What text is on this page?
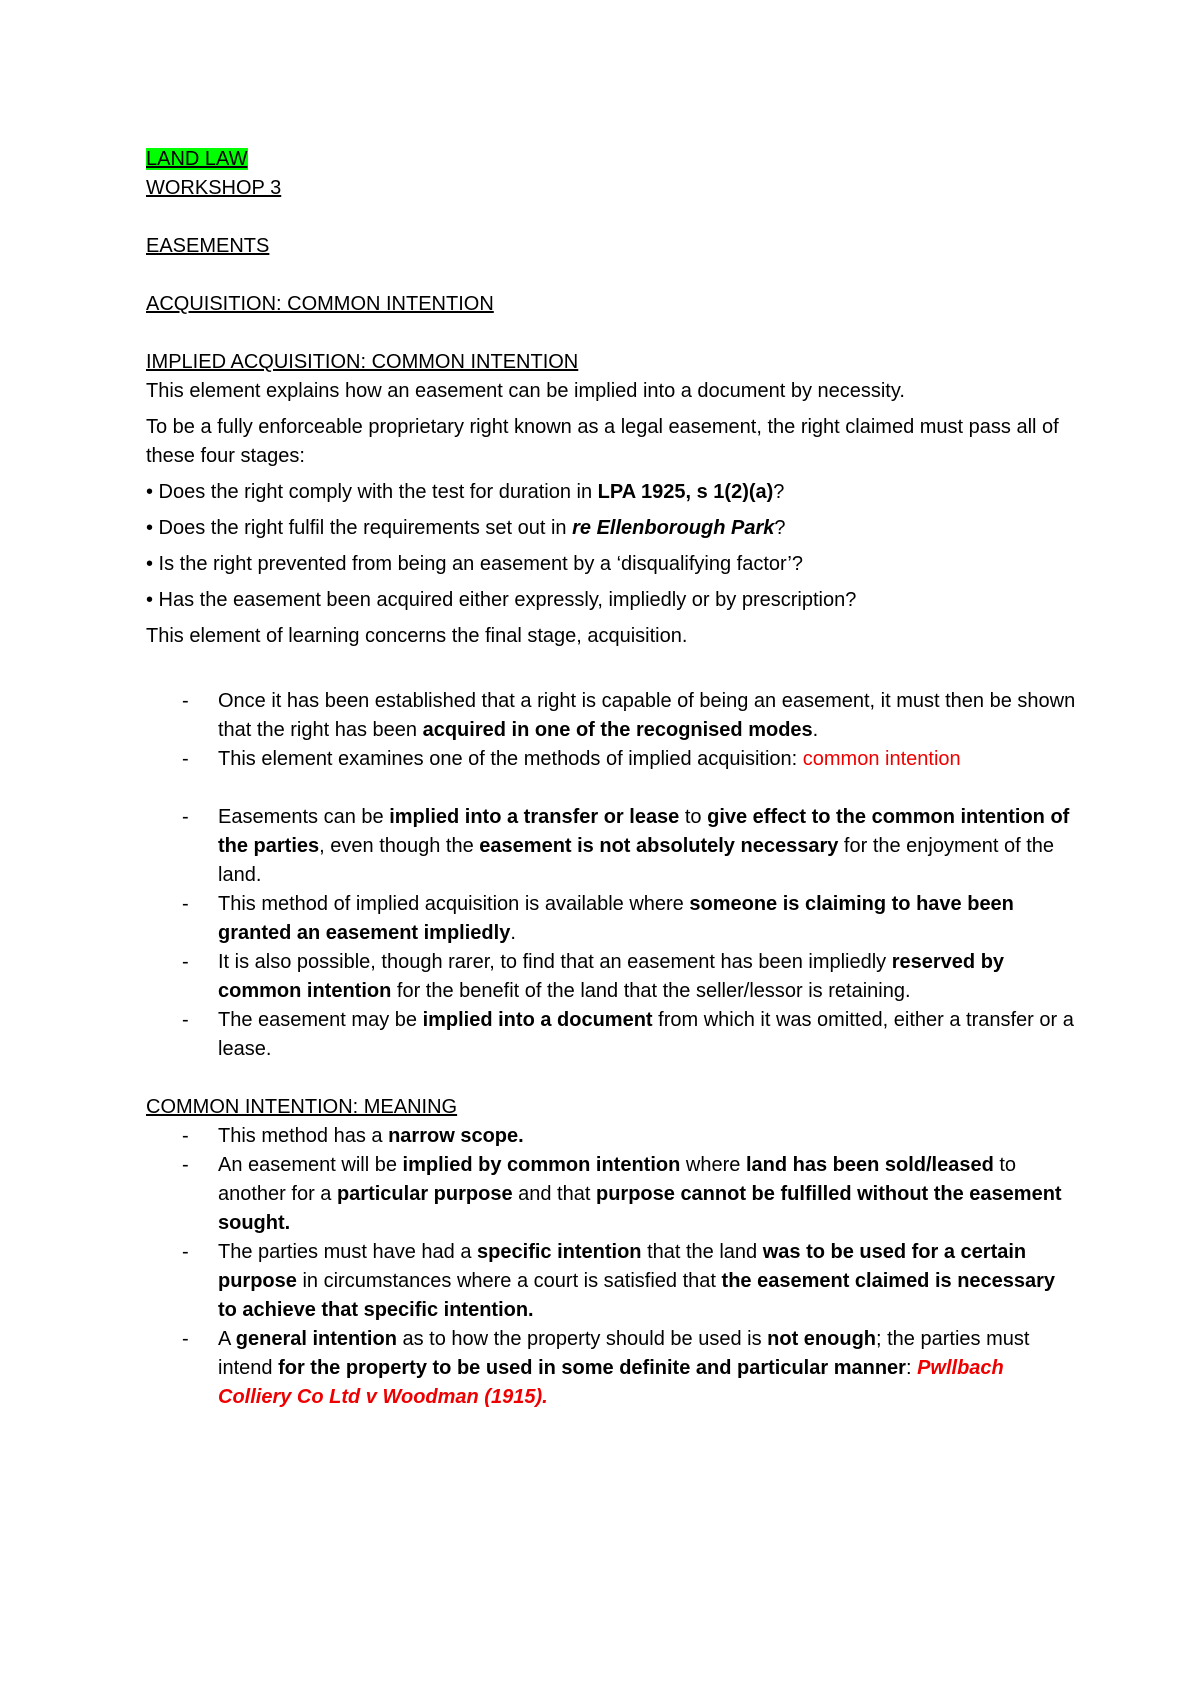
LAND LAW

WORKSHOP 3

EASEMENTS

ACQUISITION: COMMON INTENTION

IMPLIED ACQUISITION: COMMON INTENTION

This element explains how an easement can be implied into a document by necessity.

To be a fully enforceable proprietary right known as a legal easement, the right claimed must pass all of these four stages:

• Does the right comply with the test for duration in LPA 1925, s 1(2)(a)?

• Does the right fulfil the requirements set out in re Ellenborough Park?

• Is the right prevented from being an easement by a ‘disqualifying factor’?

• Has the easement been acquired either expressly, impliedly or by prescription?

This element of learning concerns the final stage, acquisition.

- Once it has been established that a right is capable of being an easement, it must then be shown that the right has been acquired in one of the recognised modes.
- This element examines one of the methods of implied acquisition: common intention
- Easements can be implied into a transfer or lease to give effect to the common intention of the parties, even though the easement is not absolutely necessary for the enjoyment of the land.
- This method of implied acquisition is available where someone is claiming to have been granted an easement impliedly.
- It is also possible, though rarer, to find that an easement has been impliedly reserved by common intention for the benefit of the land that the seller/lessor is retaining.
- The easement may be implied into a document from which it was omitted, either a transfer or a lease.

COMMON INTENTION: MEANING

- This method has a narrow scope.
- An easement will be implied by common intention where land has been sold/leased to another for a particular purpose and that purpose cannot be fulfilled without the easement sought.
- The parties must have had a specific intention that the land was to be used for a certain purpose in circumstances where a court is satisfied that the easement claimed is necessary to achieve that specific intention.
- A general intention as to how the property should be used is not enough; the parties must intend for the property to be used in some definite and particular manner: Pwllbach Colliery Co Ltd v Woodman (1915).
